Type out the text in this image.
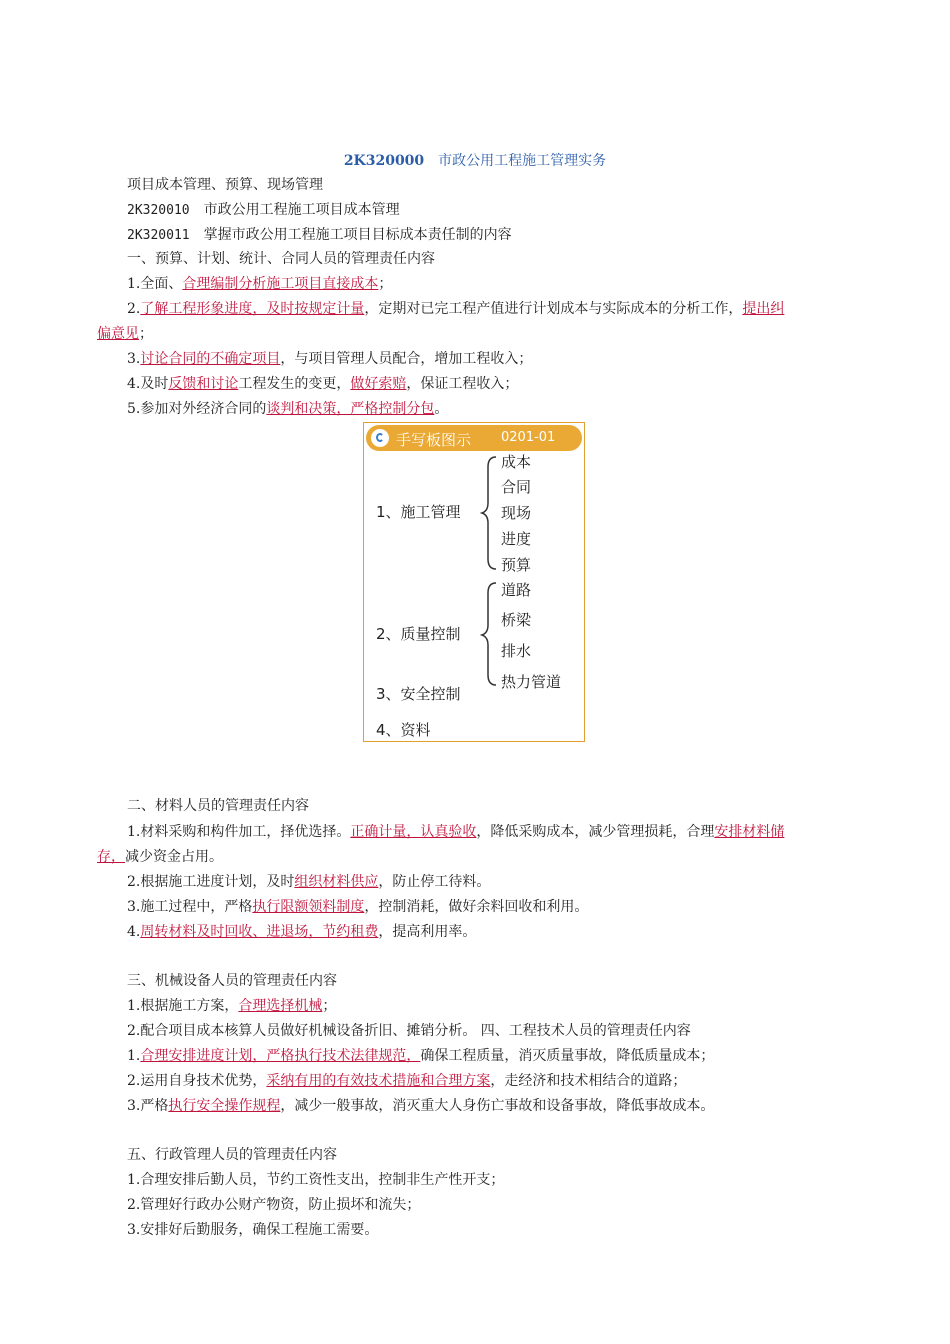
2K320000 市政公用工程施工管理实务
项目成本管理、预算、现场管理
2K320010 市政公用工程施工项目成本管理
2K320011 掌握市政公用工程施工项目目标成本责任制的内容
一、预算、计划、统计、合同人员的管理责任内容
1.全面、合理编制分析施工项目直接成本；
2.了解工程形象进度，及时按规定计量，定期对已完工程产值进行计划成本与实际成本的分析工作，提出纠
偏意见；
3.讨论合同的不确定项目，与项目管理人员配合，增加工程收入；
4.及时反馈和讨论工程发生的变更，做好索赔，保证工程收入；
5.参加对外经济合同的谈判和决策，严格控制分包。
手写板图示 0201-01
1、施工管理
2、质量控制
3、安全控制
4、资料
成本
合同
现场
进度
预算
道路
桥梁
排水
热力管道
二、材料人员的管理责任内容
1.材料采购和构件加工，择优选择。正确计量，认真验收，降低采购成本，减少管理损耗，合理安排材料储
存，减少资金占用。
2.根据施工进度计划，及时组织材料供应，防止停工待料。
3.施工过程中，严格执行限额领料制度，控制消耗，做好余料回收和利用。
4.周转材料及时回收、进退场，节约租费，提高利用率。
三、机械设备人员的管理责任内容
1.根据施工方案，合理选择机械；
2.配合项目成本核算人员做好机械设备折旧、摊销分析。 四、工程技术人员的管理责任内容
1.合理安排进度计划，严格执行技术法律规范，确保工程质量，消灭质量事故，降低质量成本；
2.运用自身技术优势，采纳有用的有效技术措施和合理方案，走经济和技术相结合的道路；
3.严格执行安全操作规程，减少一般事故，消灭重大人身伤亡事故和设备事故，降低事故成本。
五、行政管理人员的管理责任内容
1.合理安排后勤人员，节约工资性支出，控制非生产性开支；
2.管理好行政办公财产物资，防止损坏和流失；
3.安排好后勤服务，确保工程施工需要。
